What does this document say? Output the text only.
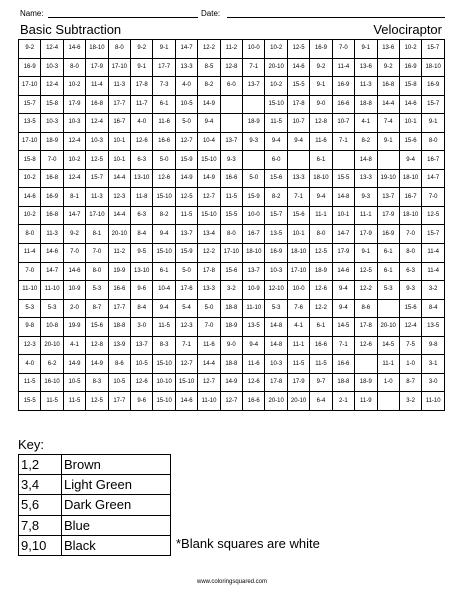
Name:	Date:
Basic Subtraction	Velociraptor
9-2	12-4	14-6	18-10	8-0	9-2	9-1	14-7	12-2	11-2	10-0	10-2	12-5	16-9	7-0	9-1	13-6	10-2	15-7
16-9	10-3	8-0	17-9	17-10	9-1	17-7	13-3	8-5	12-8	7-1	20-10	14-6	9-2	11-4	13-6	9-2	16-9	18-10
17-10	12-4	10-2	11-4	11-3	17-8	7-3	4-0	8-2	6-0	13-7	10-2	15-5	9-1	16-9	11-3	16-8	15-8	16-9
15-7	15-8	17-9	16-8	17-7	11-7	6-1	10-5	14-9			15-10	17-8	9-0	16-6	18-8	14-4	14-6	15-7
13-5	10-3	10-3	12-4	16-7	4-0	11-6	5-0	9-4		18-9	11-5	10-7	12-8	10-7	4-1	7-4	10-1	9-1
17-10	18-9	12-4	10-3	10-1	12-6	16-6	12-7	10-4	13-7	9-3	9-4	9-4	11-6	7-1	8-2	9-1	15-6	8-0
15-8	7-0	10-2	12-5	10-1	6-3	5-0	15-9	15-10	9-3		6-0		6-1		14-8		9-4	16-7
10-2	16-8	12-4	15-7	14-4	13-10	12-6	14-9	14-9	16-6	5-0	15-6	13-3	18-10	15-5	13-3	19-10	18-10	14-7
14-6	16-9	8-1	11-3	12-3	11-8	15-10	12-5	12-7	11-5	15-9	8-2	7-1	9-4	14-8	9-3	13-7	16-7	7-0
10-2	16-8	14-7	17-10	14-4	6-3	8-2	11-5	15-10	15-5	10-0	15-7	15-6	11-1	10-1	11-1	17-9	18-10	12-5
8-0	11-3	9-2	8-1	20-10	8-4	9-4	13-7	13-4	8-0	16-7	13-5	10-1	8-0	14-7	17-9	16-9	7-0	15-7
11-4	14-6	7-0	7-0	11-2	9-5	15-10	15-9	12-2	17-10	18-10	16-9	18-10	12-5	17-9	9-1	6-1	8-0	11-4
7-0	14-7	14-6	8-0	19-9	13-10	6-1	5-0	17-8	15-6	13-7	10-3	17-10	18-9	14-6	12-5	6-1	6-3	11-4
11-10	11-10	10-9	5-3	16-6	9-6	10-4	17-6	13-3	3-2	10-9	12-10	10-0	12-6	9-4	12-2	5-3	9-3	3-2
5-3	5-3	2-0	8-7	17-7	8-4	9-4	5-4	5-0	18-8	11-10	5-3	7-6	12-2	9-4	8-6		15-6	8-4
9-8	10-8	19-9	15-6	18-8	3-0	11-5	12-3	7-0	18-9	13-5	14-8	4-1	6-1	14-5	17-8	20-10	12-4	13-5
12-3	20-10	4-1	12-8	13-9	13-7	8-3	7-1	11-6	9-0	9-4	14-8	11-1	16-6	7-1	12-6	14-5	7-5	9-8
4-0	6-2	14-9	14-9	8-6	10-5	15-10	12-7	14-4	18-8	11-6	10-3	11-5	11-5	16-6		11-1	1-0	3-1
11-5	16-10	10-5	8-3	10-5	12-6	10-10	15-10	12-7	14-9	12-6	17-8	17-9	9-7	18-8	18-9	1-0	8-7	3-0
15-5	11-5	11-5	12-5	17-7	9-6	15-10	14-6	11-10	12-7	16-6	20-10	20-10	6-4	2-1	11-9		3-2	11-10
Key:
1,2	Brown
3,4	Light Green
5,6	Dark Green
7,8	Blue
9,10	Black	*Blank squares are white
www.coloringsquared.com
